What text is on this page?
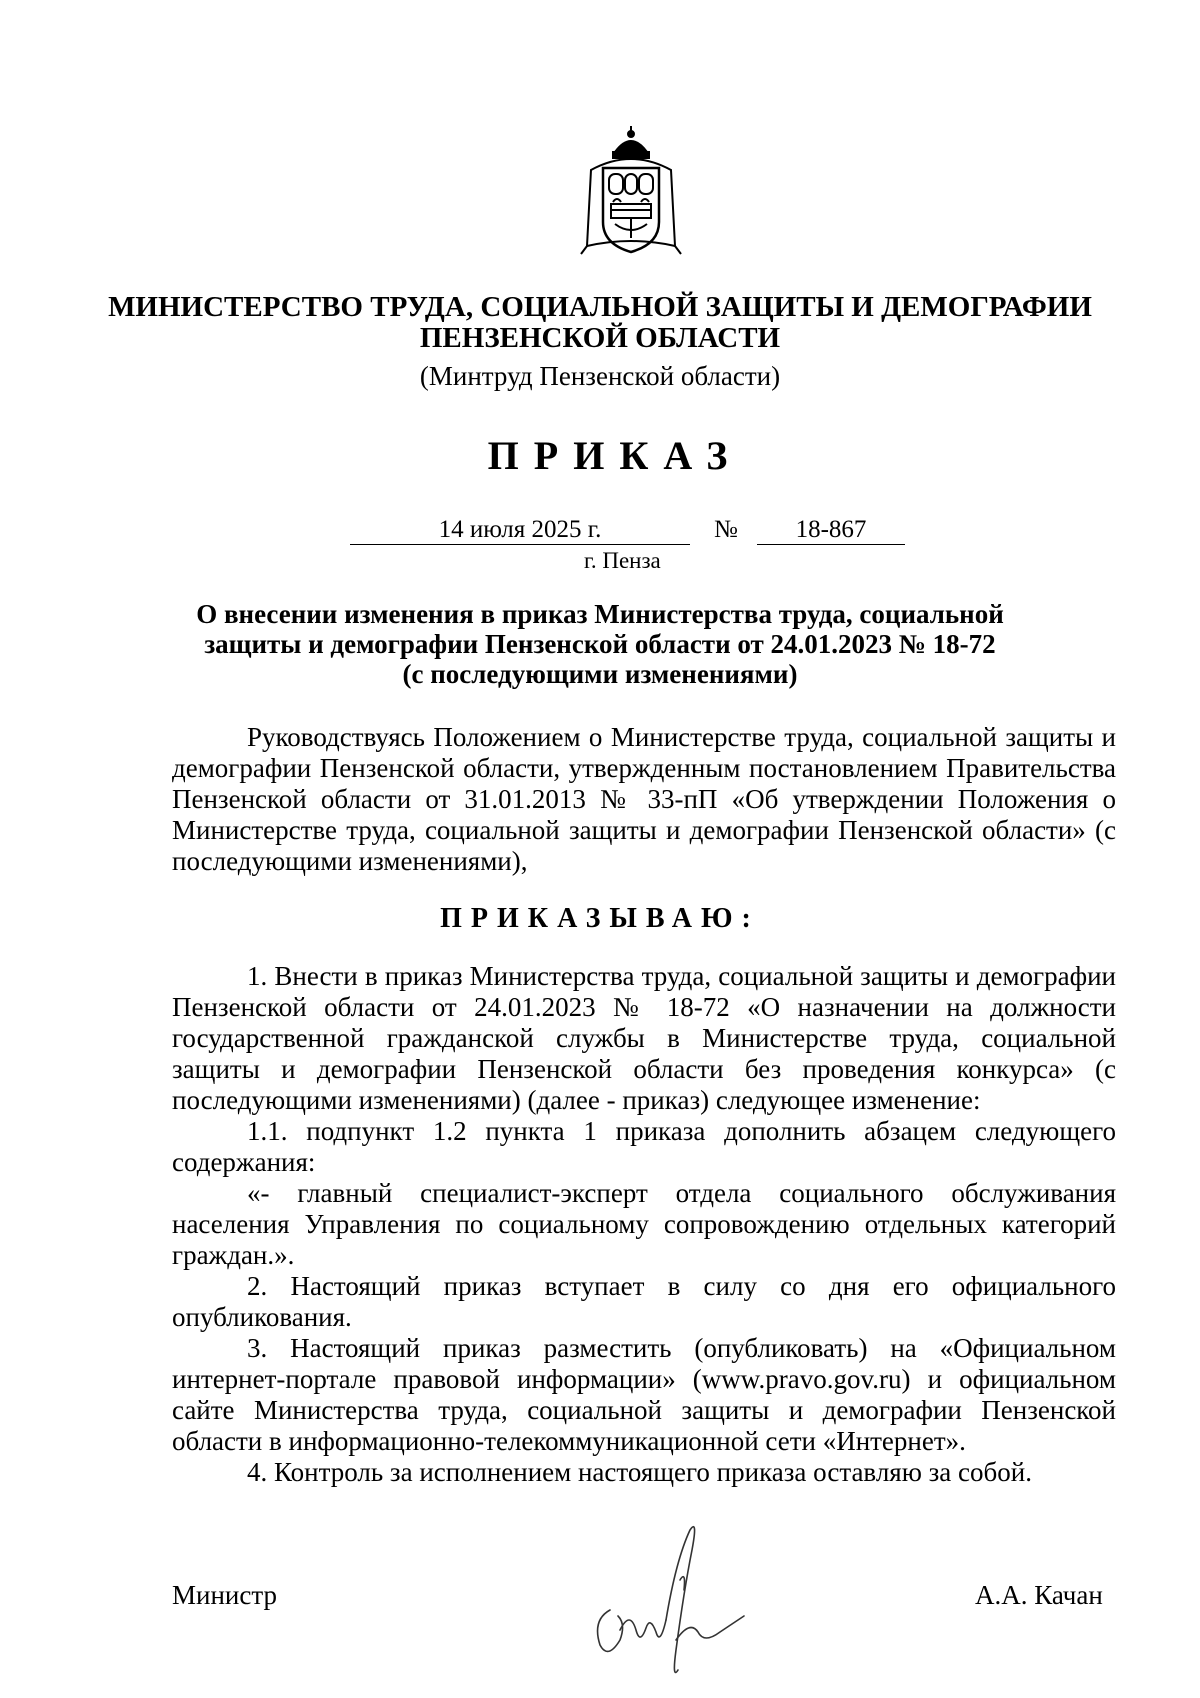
МИНИСТЕРСТВО ТРУДА, СОЦИАЛЬНОЙ ЗАЩИТЫ И ДЕМОГРАФИИ
ПЕНЗЕНСКОЙ ОБЛАСТИ
(Минтруд Пензенской области)
ПРИКАЗ
14 июля 2025 г.	№	18-867
г. Пенза
О внесении изменения в приказ Министерства труда, социальной
защиты и демографии Пензенской области от 24.01.2023 № 18-72
(с последующими изменениями)

Руководствуясь Положением о Министерстве труда, социальной защиты и демографии Пензенской области, утвержденным постановлением Правительства Пензенской области от 31.01.2013 № 33-пП «Об утверждении Положения о Министерстве труда, социальной защиты и демографии Пензенской области» (с последующими изменениями),

ПРИКАЗЫВАЮ:

1. Внести в приказ Министерства труда, социальной защиты и демографии Пензенской области от 24.01.2023 № 18-72 «О назначении на должности государственной гражданской службы в Министерстве труда, социальной защиты и демографии Пензенской области без проведения конкурса» (с последующими изменениями) (далее - приказ) следующее изменение:

1.1. подпункт 1.2 пункта 1 приказа дополнить абзацем следующего содержания:

«- главный специалист-эксперт отдела социального обслуживания населения Управления по социальному сопровождению отдельных категорий граждан.».

2. Настоящий приказ вступает в силу со дня его официального опубликования.

3. Настоящий приказ разместить (опубликовать) на «Официальном интернет-портале правовой информации» (www.pravo.gov.ru) и официальном сайте Министерства труда, социальной защиты и демографии Пензенской области в информационно-телекоммуникационной сети «Интернет».

4. Контроль за исполнением настоящего приказа оставляю за собой.

Министр	А.А. Качан
